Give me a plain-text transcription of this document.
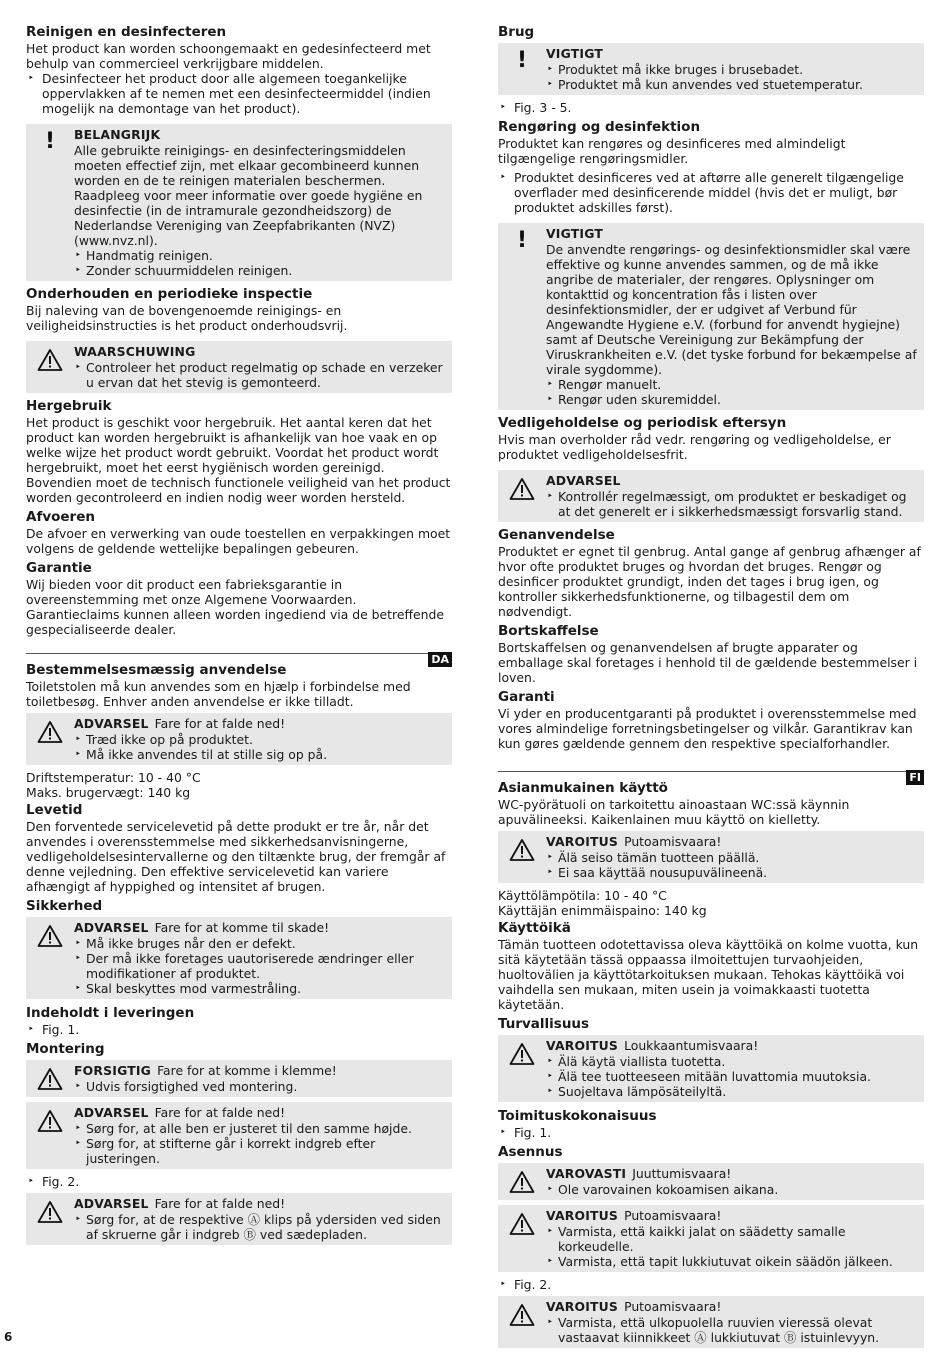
Reinigen en desinfecteren

Het product kan worden schoongemaakt en gedesinfecteerd met behulp van commercieel verkrijgbare middelen.

‣ Desinfecteer het product door alle algemeen toegankelijke oppervlakken af te nemen met een desinfecteermiddel (indien mogelijk na demontage van het product).
! BELANGRIJK

Alle gebruikte reinigings- en desinfecteringsmiddelen moeten effectief zijn, met elkaar gecombineerd kunnen worden en de te reinigen materialen beschermen. Raadpleeg voor meer informatie over goede hygiëne en desinfectie (in de intramurale gezondheidszorg) de Nederlandse Vereniging van Zeepfabrikanten (NVZ) (www.nvz.nl).

‣ Handmatig reinigen.
‣ Zonder schuurmiddelen reinigen.
Onderhouden en periodieke inspectie

Bij naleving van de bovengenoemde reinigings- en veiligheidsinstructies is het product onderhoudsvrij.

WAARSCHUWING
‣ Controleer het product regelmatig op schade en verzeker u ervan dat het stevig is gemonteerd.
Hergebruik

Het product is geschikt voor hergebruik. Het aantal keren dat het product kan worden hergebruikt is afhankelijk van hoe vaak en op welke wijze het product wordt gebruikt. Voordat het product wordt hergebruikt, moet het eerst hygiënisch worden gereinigd. Bovendien moet de technisch functionele veiligheid van het product worden gecontroleerd en indien nodig weer worden hersteld.

Afvoeren

De afvoer en verwerking van oude toestellen en verpakkingen moet volgens de geldende wettelijke bepalingen gebeuren.

Garantie

Wij bieden voor dit product een fabrieksgarantie in overeenstemming met onze Algemene Voorwaarden. Garantieclaims kunnen alleen worden ingediend via de betreffende gespecialiseerde dealer.

DA
Bestemmelsesmæssig anvendelse

Toiletstolen må kun anvendes som en hjælp i forbindelse med toiletbesøg. Enhver anden anvendelse er ikke tilladt.

ADVARSEL Fare for at falde ned!
‣ Træd ikke op på produktet.
‣ Må ikke anvendes til at stille sig op på.

Driftstemperatur: 10 - 40 °C

Maks. brugervægt: 140 kg

Levetid

Den forventede servicelevetid på dette produkt er tre år, når det anvendes i overensstemmelse med sikkerhedsanvisningerne, vedligeholdelsesintervallerne og den tiltænkte brug, der fremgår af denne vejledning. Den effektive servicelevetid kan variere afhængigt af hyppighed og intensitet af brugen.

Sikkerhed
ADVARSEL Fare for at komme til skade!
‣ Må ikke bruges når den er defekt.
‣ Der må ikke foretages uautoriserede ændringer eller modifikationer af produktet.
‣ Skal beskyttes mod varmestråling.
Indeholdt i leveringen
‣ Fig. 1.
Montering
FORSIGTIG Fare for at komme i klemme!
‣ Udvis forsigtighed ved montering.
ADVARSEL Fare for at falde ned!
‣ Sørg for, at alle ben er justeret til den samme højde.
‣ Sørg for, at stifterne går i korrekt indgreb efter justeringen.
‣ Fig. 2.
ADVARSEL Fare for at falde ned!
‣ Sørg for, at de respektive Ⓐ klips på ydersiden ved siden af skruerne går i indgreb Ⓑ ved sædepladen.
Brug
! VIGTIGT
‣ Produktet må ikke bruges i brusebadet.
‣ Produktet må kun anvendes ved stuetemperatur.
‣ Fig. 3 - 5.
Rengøring og desinfektion

Produktet kan rengøres og desinficeres med almindeligt tilgængelige rengøringsmidler.

‣ Produktet desinficeres ved at aftørre alle generelt tilgængelige overflader med desinficerende middel (hvis det er muligt, bør produktet adskilles først).
! VIGTIGT

De anvendte rengørings- og desinfektionsmidler skal være effektive og kunne anvendes sammen, og de må ikke angribe de materialer, der rengøres. Oplysninger om kontakttid og koncentration fås i listen over desinfektionsmidler, der er udgivet af Verbund für Angewandte Hygiene e.V. (forbund for anvendt hygiejne) samt af Deutsche Vereinigung zur Bekämpfung der Viruskrankheiten e.V. (det tyske forbund for bekæmpelse af virale sygdomme).

‣ Rengør manuelt.
‣ Rengør uden skuremiddel.
Vedligeholdelse og periodisk eftersyn

Hvis man overholder råd vedr. rengøring og vedligeholdelse, er produktet vedligeholdelsesfrit.

ADVARSEL
‣ Kontrollér regelmæssigt, om produktet er beskadiget og at det generelt er i sikkerhedsmæssigt forsvarlig stand.
Genanvendelse

Produktet er egnet til genbrug. Antal gange af genbrug afhænger af hvor ofte produktet bruges og hvordan det bruges. Rengør og desinficer produktet grundigt, inden det tages i brug igen, og kontroller sikkerhedsfunktionerne, og tilbagestil dem om nødvendigt.

Bortskaffelse

Bortskaffelsen og genanvendelsen af brugte apparater og emballage skal foretages i henhold til de gældende bestemmelser i loven.

Garanti

Vi yder en producentgaranti på produktet i overensstemmelse med vores almindelige forretningsbetingelser og vilkår. Garantikrav kan kun gøres gældende gennem den respektive specialforhandler.

FI
Asianmukainen käyttö

WC-pyörätuoli on tarkoitettu ainoastaan WC:ssä käynnin apuvälineeksi. Kaikenlainen muu käyttö on kielletty.

VAROITUS Putoamisvaara!
‣ Älä seiso tämän tuotteen päällä.
‣ Ei saa käyttää nousupuvälineenä.

Käyttölämpötila: 10 - 40 °C

Käyttäjän enimmäispaino: 140 kg

Käyttöikä

Tämän tuotteen odotettavissa oleva käyttöikä on kolme vuotta, kun sitä käytetään tässä oppaassa ilmoitettujen turvaohjeiden, huoltovälien ja käyttötarkoituksen mukaan. Tehokas käyttöikä voi vaihdella sen mukaan, miten usein ja voimakkaasti tuotetta käytetään.

Turvallisuus
VAROITUS Loukkaantumisvaara!
‣ Älä käytä viallista tuotetta.
‣ Älä tee tuotteeseen mitään luvattomia muutoksia.
‣ Suojeltava lämpösäteilyltä.
Toimituskokonaisuus
‣ Fig. 1.
Asennus
VAROVASTI Juuttumisvaara!
‣ Ole varovainen kokoamisen aikana.
VAROITUS Putoamisvaara!
‣ Varmista, että kaikki jalat on säädetty samalle korkeudelle.
‣ Varmista, että tapit lukkiutuvat oikein säädön jälkeen.
‣ Fig. 2.
VAROITUS Putoamisvaara!
‣ Varmista, että ulkopuolella ruuvien vieressä olevat vastaavat kiinnikkeet Ⓐ lukkiutuvat Ⓑ istuinlevyyn.
6
